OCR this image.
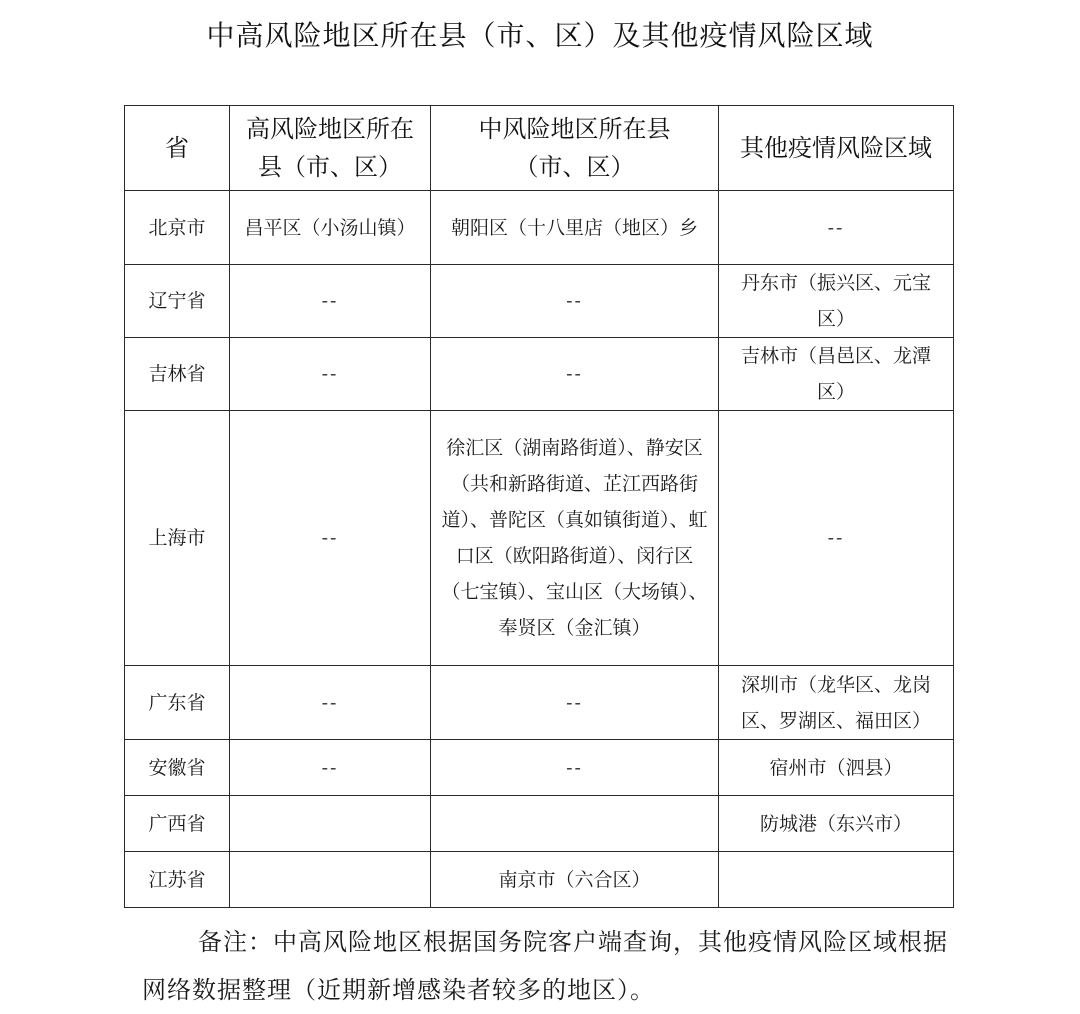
中高风险地区所在县（市、区）及其他疫情风险区域
省	高风险地区所在县（市、区）	中风险地区所在县（市、区）	其他疫情风险区域
北京市	昌平区（小汤山镇）	朝阳区（十八里店（地区）乡	--
辽宁省	--	--	丹东市（振兴区、元宝区）
吉林省	--	--	吉林市（昌邑区、龙潭区）
上海市	--	徐汇区（湖南路街道）、静安区（共和新路街道、芷江西路街道）、普陀区（真如镇街道）、虹口区（欧阳路街道）、闵行区（七宝镇）、宝山区（大场镇）、奉贤区（金汇镇）	--
广东省	--	--	深圳市（龙华区、龙岗区、罗湖区、福田区）
安徽省	--	--	宿州市（泗县）
广西省			防城港（东兴市）
江苏省		南京市（六合区）	
备注：中高风险地区根据国务院客户端查询，其他疫情风险区域根据网络数据整理（近期新增感染者较多的地区）。
